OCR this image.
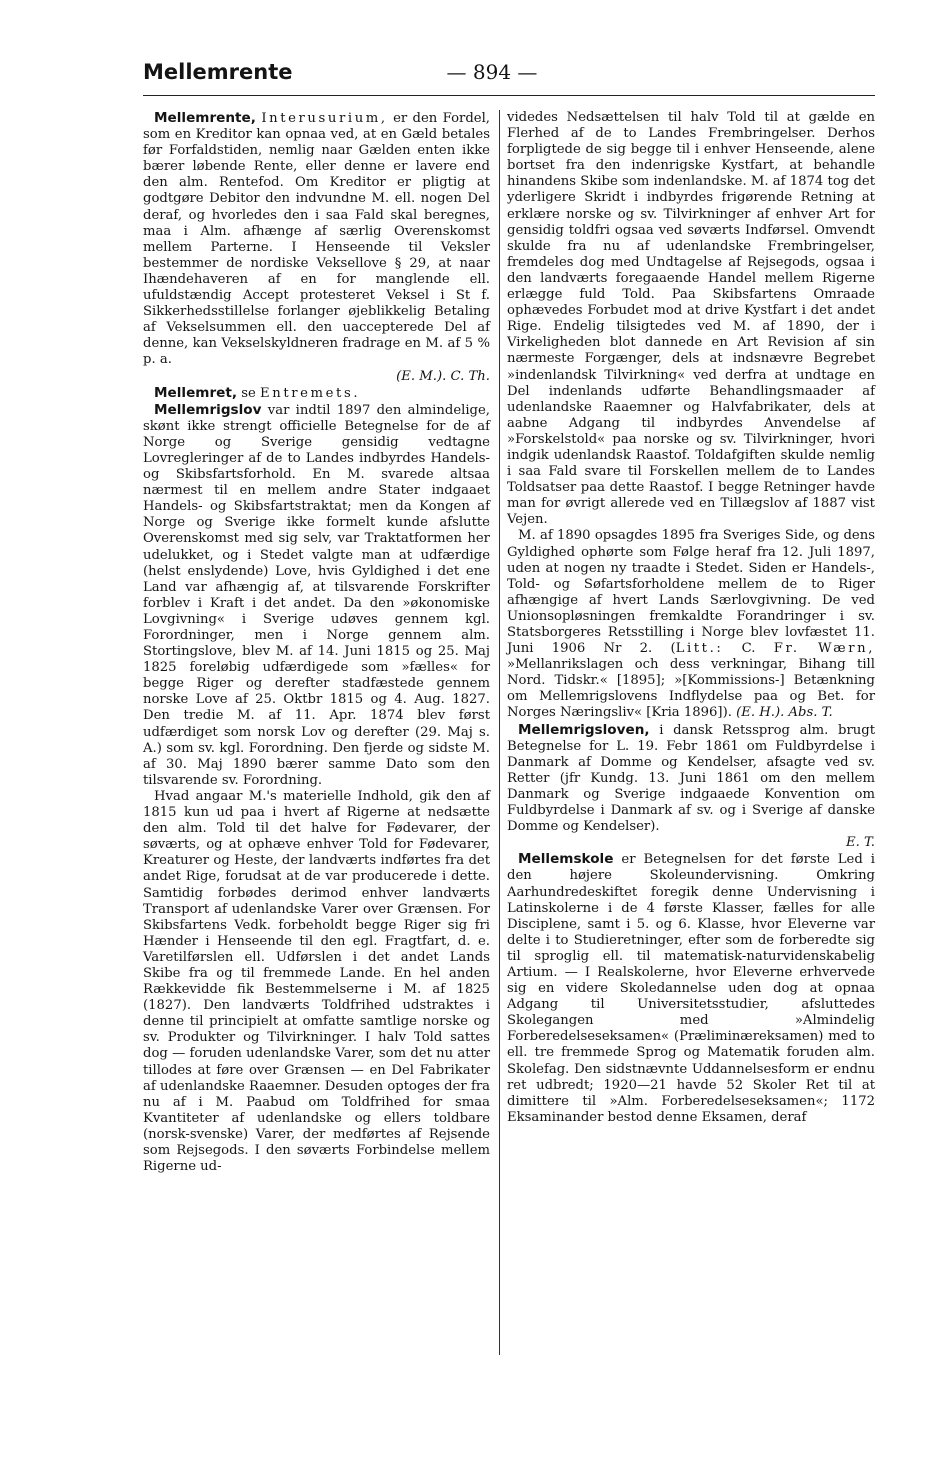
Mellemrente	— 894 —

Mellemrente, Interusurium, er den Fordel, som en Kreditor kan opnaa ved, at en Gæld betales før Forfaldstiden, nemlig naar Gælden enten ikke bærer løbende Rente, eller denne er lavere end den alm. Rentefod. Om Kreditor er pligtig at godtgøre Debitor den indvundne M. ell. nogen Del deraf, og hvorledes den i saa Fald skal beregnes, maa i Alm. afhænge af særlig Overenskomst mellem Parterne. I Henseende til Veksler bestemmer de nordiske Veksellove § 29, at naar Ihændehaveren af en for manglende ell. ufuldstændig Accept protesteret Veksel i St f. Sikkerhedsstillelse forlanger øjeblikkelig Betaling af Vekselsummen ell. den uaccepterede Del af denne, kan Vekselskyldneren fradrage en M. af 5 % p. a.
(E. M.). C. Th.

Mellemret, se Entremets.

Mellemrigslov var indtil 1897 den almindelige, skønt ikke strengt officielle Betegnelse for de af Norge og Sverige gensidig vedtagne Lovregleringer af de to Landes indbyrdes Handels- og Skibsfartsforhold. En M. svarede altsaa nærmest til en mellem andre Stater indgaaet Handels- og Skibsfartstraktat; men da Kongen af Norge og Sverige ikke formelt kunde afslutte Overenskomst med sig selv, var Traktatformen her udelukket, og i Stedet valgte man at udfærdige (helst enslydende) Love, hvis Gyldighed i det ene Land var afhængig af, at tilsvarende Forskrifter forblev i Kraft i det andet. Da den »økonomiske Lovgivning« i Sverige udøves gennem kgl. Forordninger, men i Norge gennem alm. Stortingslove, blev M. af 14. Juni 1815 og 25. Maj 1825 foreløbig udfærdigede som »fælles« for begge Riger og derefter stadfæstede gennem norske Love af 25. Oktbr 1815 og 4. Aug. 1827. Den tredie M. af 11. Apr. 1874 blev først udfærdiget som norsk Lov og derefter (29. Maj s. A.) som sv. kgl. Forordning. Den fjerde og sidste M. af 30. Maj 1890 bærer samme Dato som den tilsvarende sv. Forordning.

Hvad angaar M.'s materielle Indhold, gik den af 1815 kun ud paa i hvert af Rigerne at nedsætte den alm. Told til det halve for Fødevarer, der søværts, og at ophæve enhver Told for Fødevarer, Kreaturer og Heste, der landværts indførtes fra det andet Rige, forudsat at de var producerede i dette. Samtidig forbødes derimod enhver landværts Transport af udenlandske Varer over Grænsen. For Skibsfartens Vedk. forbeholdt begge Riger sig fri Hænder i Henseende til den egl. Fragtfart, d. e. Varetilførslen ell. Udførslen i det andet Lands Skibe fra og til fremmede Lande. En hel anden Rækkevidde fik Bestemmelserne i M. af 1825 (1827). Den landværts Toldfrihed udstraktes i denne til principielt at omfatte samtlige norske og sv. Produkter og Tilvirkninger. I halv Told sattes dog — foruden udenlandske Varer, som det nu atter tillodes at føre over Grænsen — en Del Fabrikater af udenlandske Raaemner. Desuden optoges der fra nu af i M. Paabud om Toldfrihed for smaa Kvantiteter af udenlandske og ellers toldbare (norsk-svenske) Varer, der medførtes af Rejsende som Rejsegods. I den søværts Forbindelse mellem Rigerne ud-

videdes Nedsættelsen til halv Told til at gælde en Flerhed af de to Landes Frembringelser. Derhos forpligtede de sig begge til i enhver Henseende, alene bortset fra den indenrigske Kystfart, at behandle hinandens Skibe som indenlandske. M. af 1874 tog det yderligere Skridt i indbyrdes frigørende Retning at erklære norske og sv. Tilvirkninger af enhver Art for gensidig toldfri ogsaa ved søværts Indførsel. Omvendt skulde fra nu af udenlandske Frembringelser, fremdeles dog med Undtagelse af Rejsegods, ogsaa i den landværts foregaaende Handel mellem Rigerne erlægge fuld Told. Paa Skibsfartens Omraade ophævedes Forbudet mod at drive Kystfart i det andet Rige. Endelig tilsigtedes ved M. af 1890, der i Virkeligheden blot dannede en Art Revision af sin nærmeste Forgænger, dels at indsnævre Begrebet »indenlandsk Tilvirkning« ved derfra at undtage en Del indenlands udførte Behandlingsmaader af udenlandske Raaemner og Halvfabrikater, dels at aabne Adgang til indbyrdes Anvendelse af »Forskelstold« paa norske og sv. Tilvirkninger, hvori indgik udenlandsk Raastof. Toldafgiften skulde nemlig i saa Fald svare til Forskellen mellem de to Landes Toldsatser paa dette Raastof. I begge Retninger havde man for øvrigt allerede ved en Tillægslov af 1887 vist Vejen.

M. af 1890 opsagdes 1895 fra Sveriges Side, og dens Gyldighed ophørte som Følge heraf fra 12. Juli 1897, uden at nogen ny traadte i Stedet. Siden er Handels-, Told- og Søfartsforholdene mellem de to Riger afhængige af hvert Lands Særlovgivning. De ved Unionsopløsningen fremkaldte Forandringer i sv. Statsborgeres Retsstilling i Norge blev lovfæstet 11. Juni 1906 Nr 2. (Litt.: C. Fr. Wærn, »Mellanrikslagen och dess verkningar, Bihang till Nord. Tidskr.« [1895]; »[Kommissions-] Betænkning om Mellemrigslovens Indflydelse paa og Bet. for Norges Næringsliv« [Kria 1896]). (E. H.). Abs. T.

Mellemrigsloven, i dansk Retssprog alm. brugt Betegnelse for L. 19. Febr 1861 om Fuldbyrdelse i Danmark af Domme og Kendelser, afsagte ved sv. Retter (jfr Kundg. 13. Juni 1861 om den mellem Danmark og Sverige indgaaede Konvention om Fuldbyrdelse i Danmark af sv. og i Sverige af danske Domme og Kendelser).
E. T.

Mellemskole er Betegnelsen for det første Led i den højere Skoleundervisning. Omkring Aarhundredeskiftet foregik denne Undervisning i Latinskolerne i de 4 første Klasser, fælles for alle Disciplene, samt i 5. og 6. Klasse, hvor Eleverne var delte i to Studieretninger, efter som de forberedte sig til sproglig ell. til matematisk-naturvidenskabelig Artium. — I Realskolerne, hvor Eleverne erhvervede sig en videre Skoledannelse uden dog at opnaa Adgang til Universitetsstudier, afsluttedes Skolegangen med »Almindelig Forberedelseseksamen« (Præliminæreksamen) med to ell. tre fremmede Sprog og Matematik foruden alm. Skolefag. Den sidstnævnte Uddannelsesform er endnu ret udbredt; 1920—21 havde 52 Skoler Ret til at dimittere til »Alm. Forberedelseseksamen«; 1172 Eksaminander bestod denne Eksamen, deraf
